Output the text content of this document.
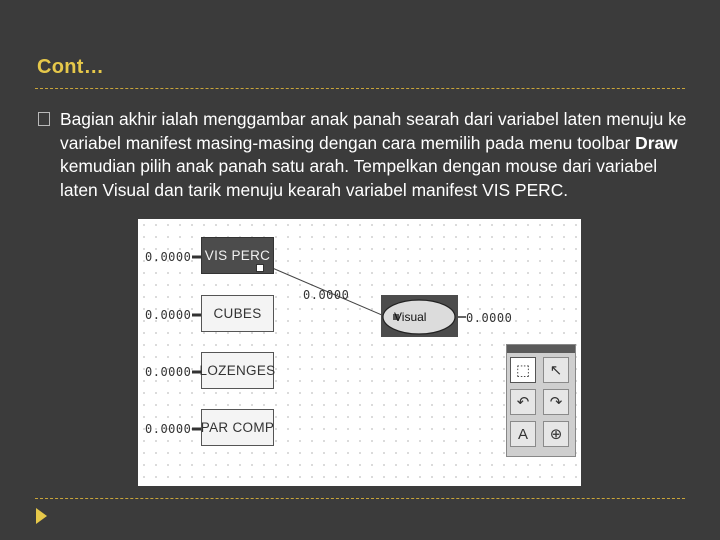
Cont…
Bagian akhir ialah menggambar anak panah searah dari variabel laten menuju ke variabel manifest masing-masing dengan cara memilih pada menu toolbar Draw kemudian pilih anak panah satu arah. Tempelkan dengan mouse dari variabel laten Visual dan tarik menuju kearah variabel manifest VIS PERC.
0.0000
0.0000
0.0000
0.0000
VIS PERC
CUBES
LOZENGES
PAR COMP
0.0000
Visual	0.0000
⬚ ↖
↶ ↷
A ⊕
